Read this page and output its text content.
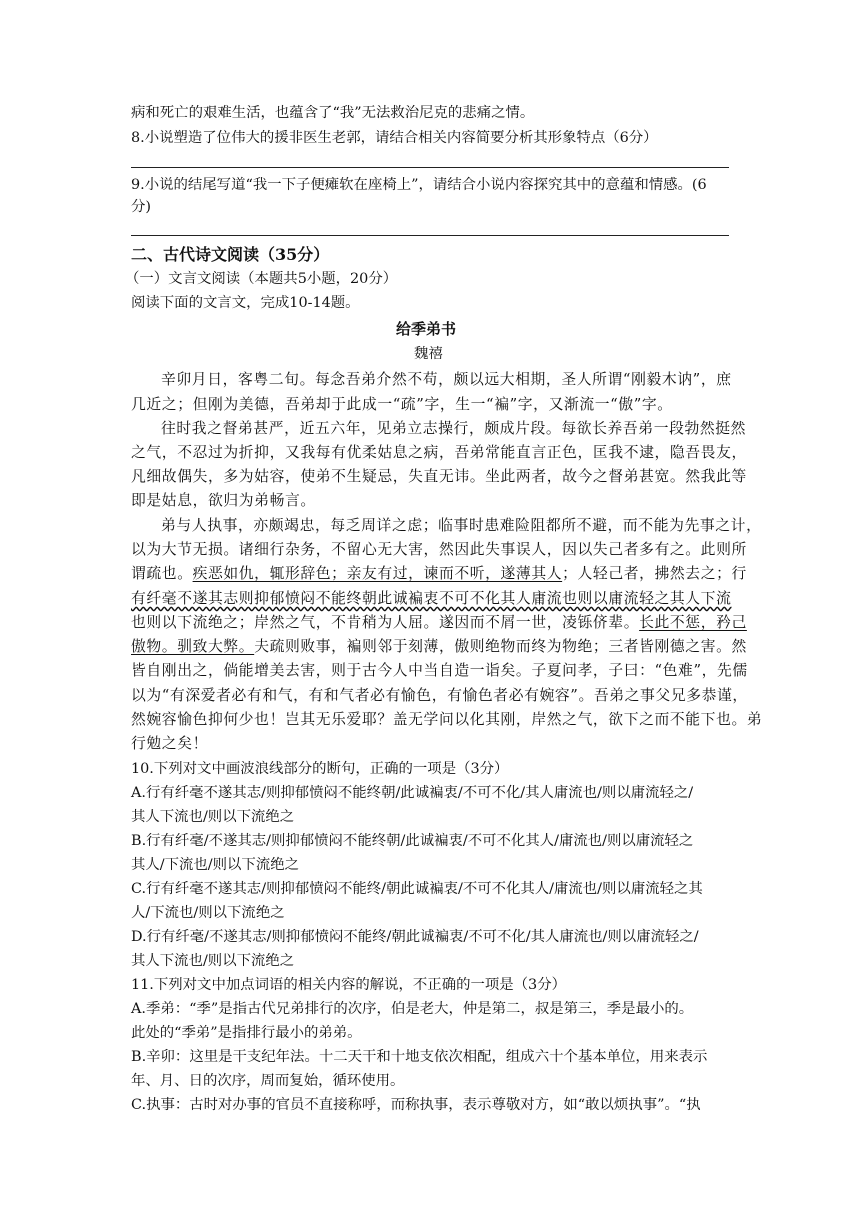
病和死亡的艰难生活，也蕴含了“我”无法救治尼克的悲痛之情。
8.小说塑造了位伟大的援非医生老郭，请结合相关内容简要分析其形象特点（6分）
9.小说的结尾写道“我一下子便瘫软在座椅上”，请结合小说内容探究其中的意蕴和情感。(6
分)
二、古代诗文阅读（35分）
（一）文言文阅读（本题共5小题，20分）
阅读下面的文言文，完成10-14题。
给季弟书
魏禧
辛卯月日，客粤二旬。每念吾弟介然不苟，颇以远大相期，圣人所谓“刚毅木讷”，庶
几近之；但刚为美德，吾弟却于此成一“疏”字，生一“褊”字，又渐流一“傲”字。
往时我之督弟甚严，近五六年，见弟立志操行，颇成片段。每欲长养吾弟一段勃然挺然
之气，不忍过为折抑，又我每有优柔姑息之病，吾弟常能直言正色，匡我不逮，隐吾畏友，
凡细故偶失，多为姑容，使弟不生疑忌，失直无讳。坐此两者，故今之督弟甚宽。然我此等
即是姑息，欲归为弟畅言。
弟与人执事，亦颇竭忠，每乏周详之虑；临事时患难险阻都所不避，而不能为先事之计，
以为大节无损。诸细行杂务，不留心无大害，然因此失事误人，因以失己者多有之。此则所
谓疏也。疾恶如仇，辄形辞色；亲友有过，谏而不听，遂薄其人；人轻己者，拂然去之；行
有纤毫不遂其志则抑郁愤闷不能终朝此诚褊衷不可不化其人庸流也则以庸流轻之其人下流
也则以下流绝之；岸然之气，不肯稍为人屈。遂因而不屑一世，凌铄侪辈。长此不惩，矜己
傲物。驯致大弊。夫疏则败事，褊则邻于刻薄，傲则绝物而终为物绝；三者皆刚德之害。然
皆自刚出之，倘能增美去害，则于古今人中当自造一诣矣。子夏问孝，子曰：“色难”，先儒
以为“有深爱者必有和气，有和气者必有愉色，有愉色者必有婉容”。吾弟之事父兄多恭谨，
然婉容愉色抑何少也！岂其无乐爱耶？盖无学问以化其刚，岸然之气，欲下之而不能下也。弟
行勉之矣！
10.下列对文中画波浪线部分的断句，正确的一项是（3分）
A.行有纤毫不遂其志/则抑郁愤闷不能终朝/此诚褊衷/不可不化/其人庸流也/则以庸流轻之/
其人下流也/则以下流绝之
B.行有纤毫/不遂其志/则抑郁愤闷不能终朝/此诚褊衷/不可不化其人/庸流也/则以庸流轻之
其人/下流也/则以下流绝之
C.行有纤毫不遂其志/则抑郁愤闷不能终/朝此诚褊衷/不可不化其人/庸流也/则以庸流轻之其
人/下流也/则以下流绝之
D.行有纤毫/不遂其志/则抑郁愤闷不能终/朝此诚褊衷/不可不化/其人庸流也/则以庸流轻之/
其人下流也/则以下流绝之
11.下列对文中加点词语的相关内容的解说，不正确的一项是（3分）
A.季弟：“季”是指古代兄弟排行的次序，伯是老大，仲是第二，叔是第三，季是最小的。
此处的“季弟”是指排行最小的弟弟。
B.辛卯：这里是干支纪年法。十二天干和十地支依次相配，组成六十个基本单位，用来表示
年、月、日的次序，周而复始，循环使用。
C.执事：古时对办事的官员不直接称呼，而称执事，表示尊敬对方，如“敢以烦执事”。“执
